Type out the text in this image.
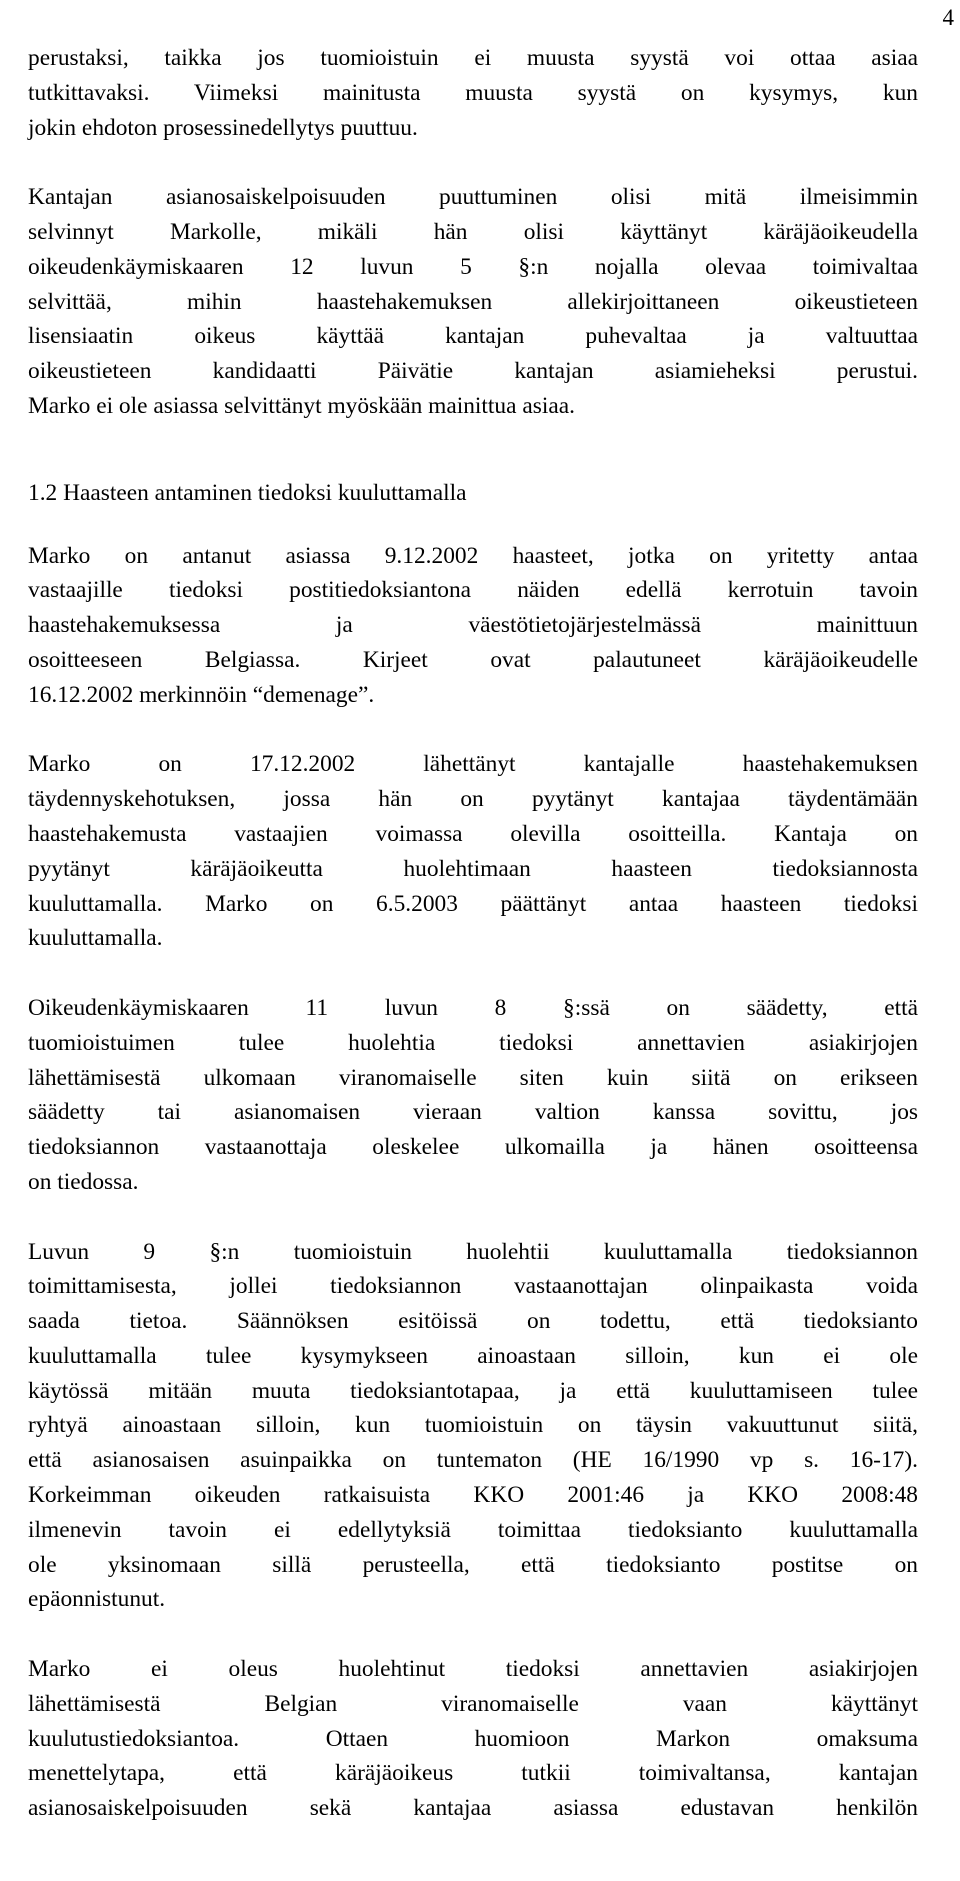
4
perustaksi, taikka jos tuomioistuin ei muusta syystä voi ottaa asiaa
tutkittavaksi. Viimeksi mainitusta muusta syystä on kysymys, kun
jokin ehdoton prosessinedellytys puuttuu.
Kantajan asianosaiskelpoisuuden puuttuminen olisi mitä ilmeisimmin
selvinnyt Markolle, mikäli hän olisi käyttänyt käräjäoikeudella
oikeudenkäymiskaaren 12 luvun 5 §:n nojalla olevaa toimivaltaa
selvittää, mihin haastehakemuksen allekirjoittaneen oikeustieteen
lisensiaatin oikeus käyttää kantajan puhevaltaa ja valtuuttaa
oikeustieteen kandidaatti Päivätie kantajan asiamieheksi perustui.
Marko ei ole asiassa selvittänyt myöskään mainittua asiaa.
1.2 Haasteen antaminen tiedoksi kuuluttamalla
Marko on antanut asiassa 9.12.2002 haasteet, jotka on yritetty antaa
vastaajille tiedoksi postitiedoksiantona näiden edellä kerrotuin tavoin
haastehakemuksessa ja väestötietojärjestelmässä mainittuun
osoitteeseen Belgiassa. Kirjeet ovat palautuneet käräjäoikeudelle
16.12.2002 merkinnöin “demenage”.
Marko on 17.12.2002 lähettänyt kantajalle haastehakemuksen
täydennyskehotuksen, jossa hän on pyytänyt kantajaa täydentämään
haastehakemusta vastaajien voimassa olevilla osoitteilla. Kantaja on
pyytänyt käräjäoikeutta huolehtimaan haasteen tiedoksiannosta
kuuluttamalla. Marko on 6.5.2003 päättänyt antaa haasteen tiedoksi
kuuluttamalla.
Oikeudenkäymiskaaren 11 luvun 8 §:ssä on säädetty, että
tuomioistuimen tulee huolehtia tiedoksi annettavien asiakirjojen
lähettämisestä ulkomaan viranomaiselle siten kuin siitä on erikseen
säädetty tai asianomaisen vieraan valtion kanssa sovittu, jos
tiedoksiannon vastaanottaja oleskelee ulkomailla ja hänen osoitteensa
on tiedossa.
Luvun 9 §:n tuomioistuin huolehtii kuuluttamalla tiedoksiannon
toimittamisesta, jollei tiedoksiannon vastaanottajan olinpaikasta voida
saada tietoa. Säännöksen esitöissä on todettu, että tiedoksianto
kuuluttamalla tulee kysymykseen ainoastaan silloin, kun ei ole
käytössä mitään muuta tiedoksiantotapaa, ja että kuuluttamiseen tulee
ryhtyä ainoastaan silloin, kun tuomioistuin on täysin vakuuttunut siitä,
että asianosaisen asuinpaikka on tuntematon (HE 16/1990 vp s. 16-17).
Korkeimman oikeuden ratkaisuista KKO 2001:46 ja KKO 2008:48
ilmenevin tavoin ei edellytyksiä toimittaa tiedoksianto kuuluttamalla
ole yksinomaan sillä perusteella, että tiedoksianto postitse on
epäonnistunut.
Marko ei oleus huolehtinut tiedoksi annettavien asiakirjojen
lähettämisestä Belgian viranomaiselle vaan käyttänyt
kuulutustiedoksiantoa. Ottaen huomioon Markon omaksuma
menettelytapa, että käräjäoikeus tutkii toimivaltansa, kantajan
asianosaiskelpoisuuden sekä kantajaa asiassa edustavan henkilön
